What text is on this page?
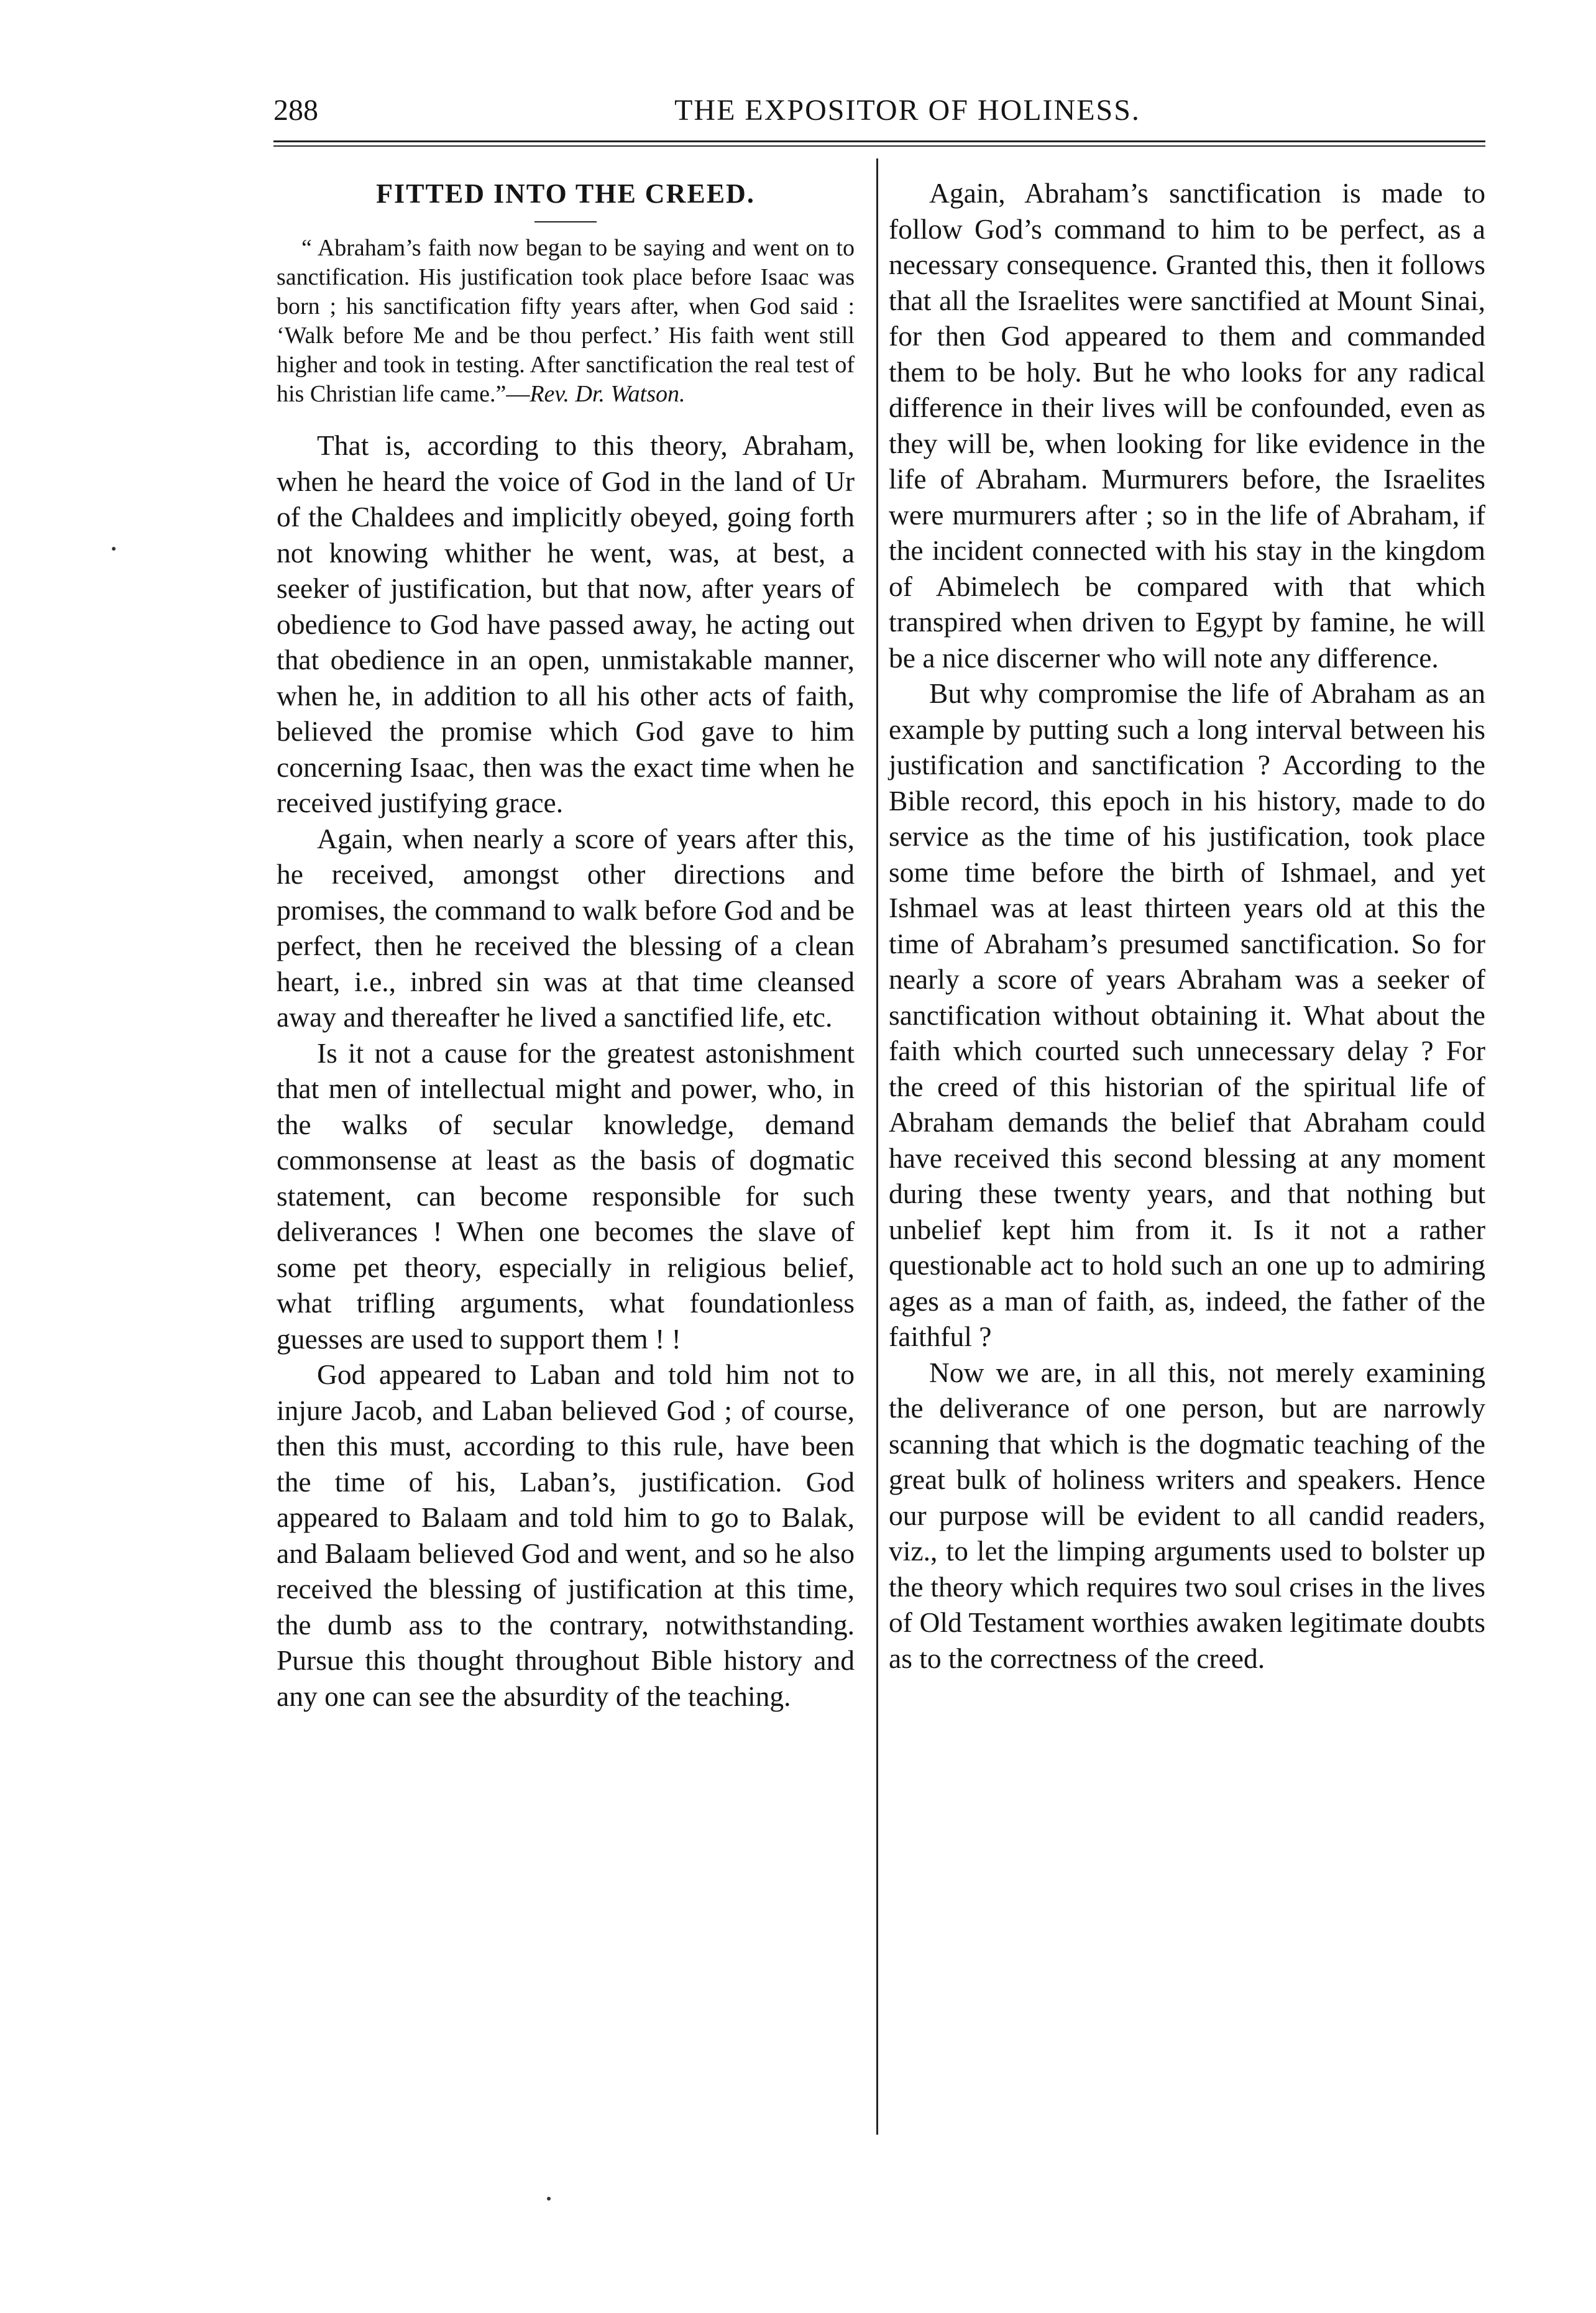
288	THE EXPOSITOR OF HOLINESS.
FITTED INTO THE CREED.

“ Abraham’s faith now began to be saying and went on to sanctification. His justification took place before Isaac was born ; his sanctification fifty years after, when God said : ‘Walk before Me and be thou perfect.’ His faith went still higher and took in testing. After sanctification the real test of his Christian life came.”—Rev. Dr. Watson.

That is, according to this theory, Abraham, when he heard the voice of God in the land of Ur of the Chaldees and implicitly obeyed, going forth not knowing whither he went, was, at best, a seeker of justification, but that now, after years of obedience to God have passed away, he acting out that obedience in an open, unmistakable manner, when he, in addition to all his other acts of faith, believed the promise which God gave to him concerning Isaac, then was the exact time when he received justifying grace.

Again, when nearly a score of years after this, he received, amongst other directions and promises, the command to walk before God and be perfect, then he received the blessing of a clean heart, i.e., inbred sin was at that time cleansed away and thereafter he lived a sanctified life, etc.

Is it not a cause for the greatest astonishment that men of intellectual might and power, who, in the walks of secular knowledge, demand commonsense at least as the basis of dogmatic statement, can become responsible for such deliverances ! When one becomes the slave of some pet theory, especially in religious belief, what trifling arguments, what foundationless guesses are used to support them ! !

God appeared to Laban and told him not to injure Jacob, and Laban believed God ; of course, then this must, according to this rule, have been the time of his, Laban’s, justification. God appeared to Balaam and told him to go to Balak, and Balaam believed God and went, and so he also received the blessing of justification at this time, the dumb ass to the contrary, notwithstanding. Pursue this thought throughout Bible history and any one can see the absurdity of the teaching.

Again, Abraham’s sanctification is made to follow God’s command to him to be perfect, as a necessary consequence. Granted this, then it follows that all the Israelites were sanctified at Mount Sinai, for then God appeared to them and commanded them to be holy. But he who looks for any radical difference in their lives will be confounded, even as they will be, when looking for like evidence in the life of Abraham. Murmurers before, the Israelites were murmurers after ; so in the life of Abraham, if the incident connected with his stay in the kingdom of Abimelech be compared with that which transpired when driven to Egypt by famine, he will be a nice discerner who will note any difference.

But why compromise the life of Abraham as an example by putting such a long interval between his justification and sanctification ? According to the Bible record, this epoch in his history, made to do service as the time of his justification, took place some time before the birth of Ishmael, and yet Ishmael was at least thirteen years old at this the time of Abraham’s presumed sanctification. So for nearly a score of years Abraham was a seeker of sanctification without obtaining it. What about the faith which courted such unnecessary delay ? For the creed of this historian of the spiritual life of Abraham demands the belief that Abraham could have received this second blessing at any moment during these twenty years, and that nothing but unbelief kept him from it. Is it not a rather questionable act to hold such an one up to admiring ages as a man of faith, as, indeed, the father of the faithful ?

Now we are, in all this, not merely examining the deliverance of one person, but are narrowly scanning that which is the dogmatic teaching of the great bulk of holiness writers and speakers. Hence our purpose will be evident to all candid readers, viz., to let the limping arguments used to bolster up the theory which requires two soul crises in the lives of Old Testament worthies awaken legitimate doubts as to the correctness of the creed.
